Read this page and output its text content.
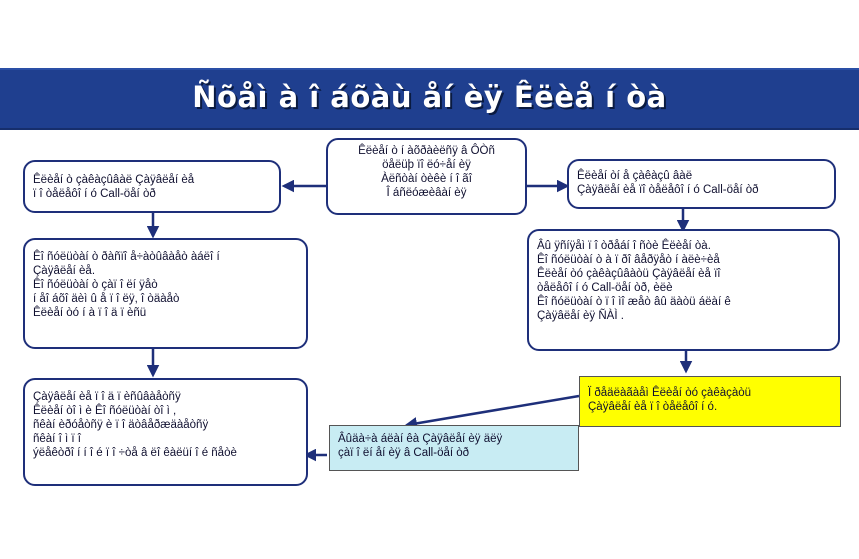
Ñõåì à î áõàù åí èÿ Êëèå í òà
Êëèåí ò í àõðàèëñÿ â ÔÒñ
öåëüþ ïî ëó÷åí èÿ
Àëñòàí òèêè í î ãî
Î áñëóæèâàí èÿ
Êëèåí ò çàêàçûâàë Çàÿâëåí èå
ï î òåëåôî í ó Call-öåí òð
Êëèåí òí å çàêàçû âàë
Çàÿâëåí èå ïî òåëåôî í ó Call-öåí òð
Êî ñóëüòàí ò ðàñïî å÷àòûâàåò àáëî í
Çàÿâëåí èå.
Êî ñóëüòàí ò çàï î ëí ÿåò
í åî áõî äèì û å ï î ëÿ, î òäàåò
Êëèåí òó í à ï î ä ï èñü
Âû ÿñíÿåì ï î òðåáí î ñòè Êëèåí òà.
Êî ñóëüòàí ò à ï ðî âåðÿåò í àëè÷èå
Êëèåí òó çàêàçûâàòü Çàÿâëåí èå ïî
òåëåôî í ó Call-öåí òð, èëè
Êî ñóëüòàí ò ï î ìî æåò âû äàòü áëàí ê
Çàÿâëåí èÿ ÑÀÌ .
Ï ðåäëàãàåì Êëèåí òó çàêàçàòü
Çàÿâëåí èå ï î òåëåôî í ó.
Çàÿâëåí èå ï î ä ï èñûâàåòñÿ
Êëèåí òî ì è Êî ñóëüòàí òî ì ,
ñêàí èðóåòñÿ è ï î äòâåðæäàåòñÿ
ñêàí î ì ï î
ýëåêòðî í í î é ï î ÷òå â ëî êàëüí î é ñåòè
Âûäà÷à áëàí êà Çàÿâëåí èÿ äëÿ
çàï î ëí åí èÿ â Call-öåí òð
